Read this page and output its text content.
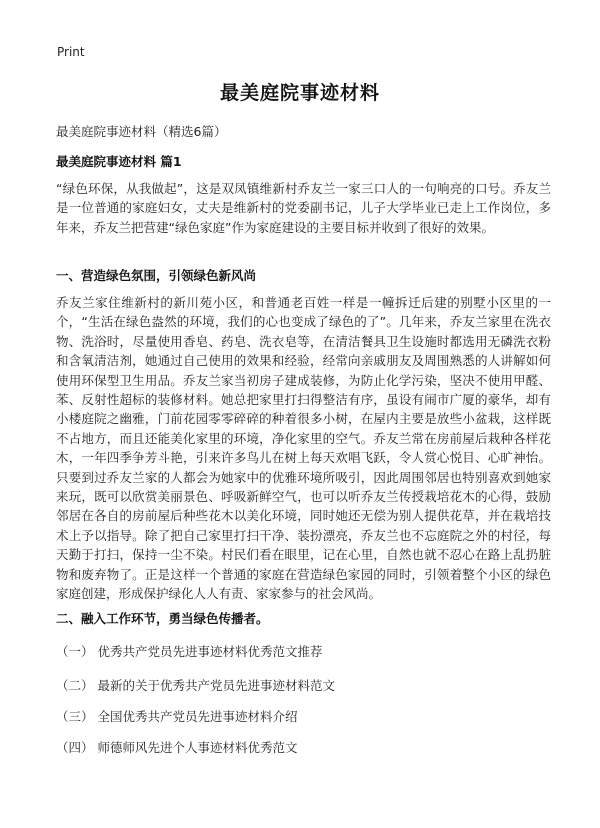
Print
最美庭院事迹材料
最美庭院事迹材料（精选6篇）
最美庭院事迹材料 篇1
“绿色环保，从我做起”，这是双凤镇维新村乔友兰一家三口人的一句响亮的口号。乔友兰是一位普通的家庭妇女，丈夫是维新村的党委副书记，儿子大学毕业已走上工作岗位，多年来，乔友兰把营建“绿色家庭”作为家庭建设的主要目标并收到了很好的效果。
一、营造绿色氛围，引领绿色新风尚
乔友兰家住维新村的新川苑小区，和普通老百姓一样是一幢拆迁后建的别墅小区里的一个，“生活在绿色盎然的环境，我们的心也变成了绿色的了”。几年来，乔友兰家里在洗衣物、洗浴时，尽量使用香皂、药皂、洗衣皂等，在清洁餐具卫生设施时都选用无磷洗衣粉和含氧清洁剂，她通过自己使用的效果和经验，经常向亲戚朋友及周围熟悉的人讲解如何使用环保型卫生用品。乔友兰家当初房子建成装修，为防止化学污染，坚决不使用甲醛、苯、反射性超标的装修材料。她总把家里打扫得整洁有序，虽设有闹市广厦的豪华，却有小楼庭院之幽雅，门前花园零零碎碎的种着很多小树，在屋内主要是放些小盆栽，这样既不占地方，而且还能美化家里的环境，净化家里的空气。乔友兰常在房前屋后栽种各样花木，一年四季争芳斗艳，引来许多鸟儿在树上每天欢唱飞跃，令人赏心悦目、心旷神怡。只要到过乔友兰家的人都会为她家中的优雅环境所吸引，因此周围邻居也特别喜欢到她家来玩，既可以欣赏美丽景色、呼吸新鲜空气，也可以听乔友兰传授栽培花木的心得，鼓励邻居在各自的房前屋后种些花木以美化环境，同时她还无偿为别人提供花草，并在栽培技术上予以指导。除了把自己家里打扫干净、装扮漂亮，乔友兰也不忘庭院之外的村径，每天勤于打扫，保持一尘不染。村民们看在眼里，记在心里，自然也就不忍心在路上乱扔脏物和废弃物了。正是这样一个普通的家庭在营造绿色家园的同时，引领着整个小区的绿色家庭创建，形成保护绿化人人有责、家家参与的社会风尚。
二、融入工作环节，勇当绿色传播者。
（一） 优秀共产党员先进事迹材料优秀范文推荐
（二） 最新的关于优秀共产党员先进事迹材料范文
（三） 全国优秀共产党员先进事迹材料介绍
（四） 师德师风先进个人事迹材料优秀范文
